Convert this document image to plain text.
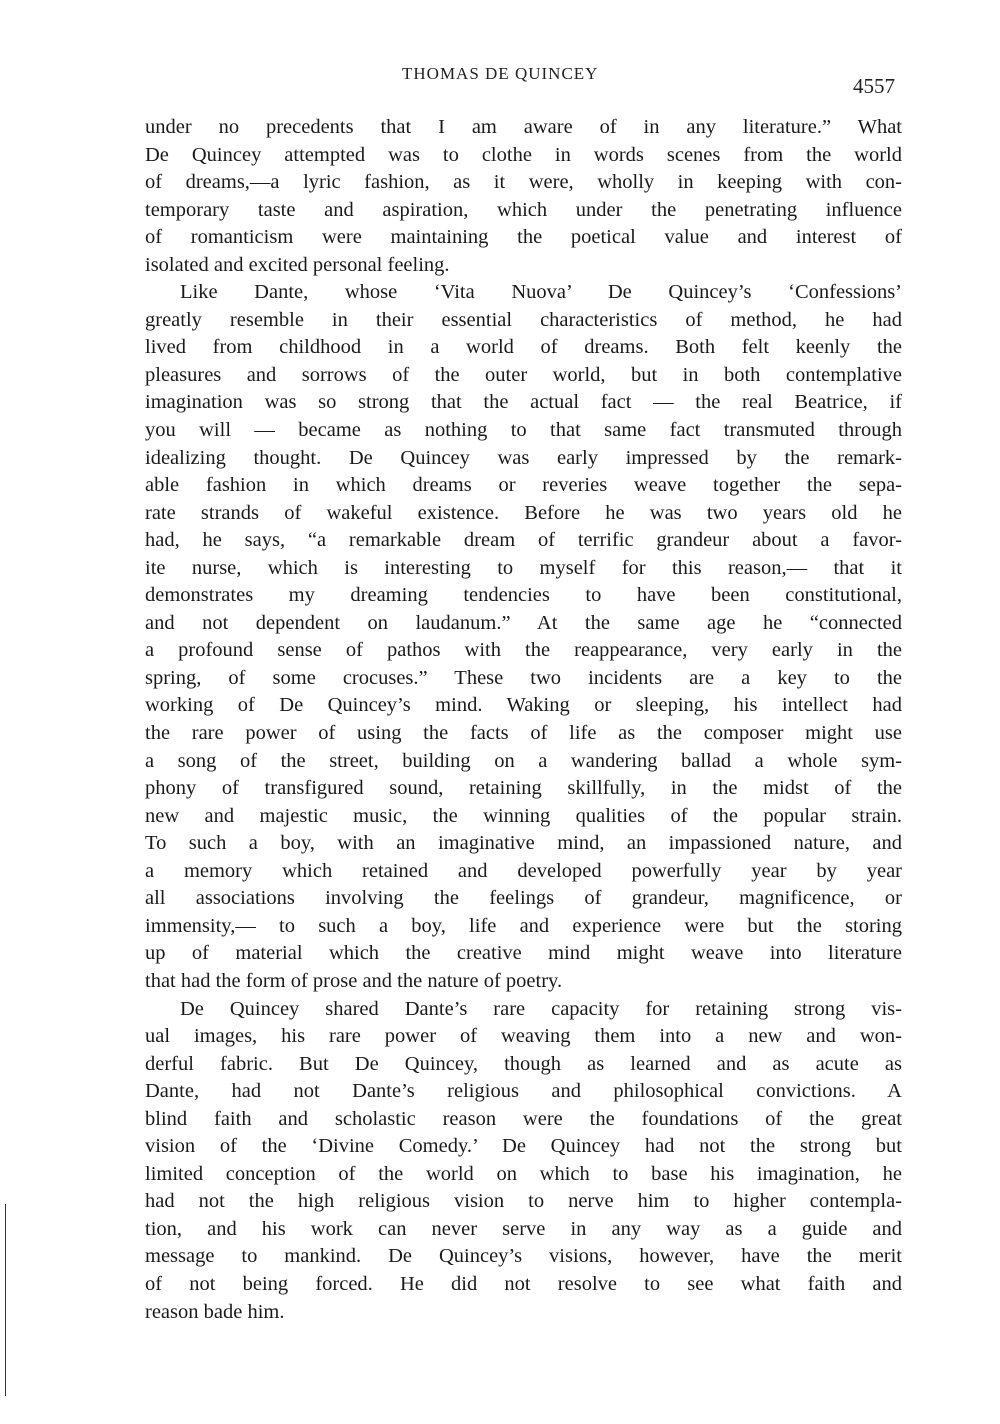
THOMAS DE QUINCEY
4557
under no precedents that I am aware of in any literature.” What
De Quincey attempted was to clothe in words scenes from the world
of dreams,—a lyric fashion, as it were, wholly in keeping with con-
temporary taste and aspiration, which under the penetrating influence
of romanticism were maintaining the poetical value and interest of
isolated and excited personal feeling.
Like Dante, whose ‘Vita Nuova’ De Quincey’s ‘Confessions’
greatly resemble in their essential characteristics of method, he had
lived from childhood in a world of dreams. Both felt keenly the
pleasures and sorrows of the outer world, but in both contemplative
imagination was so strong that the actual fact — the real Beatrice, if
you will — became as nothing to that same fact transmuted through
idealizing thought. De Quincey was early impressed by the remark-
able fashion in which dreams or reveries weave together the sepa-
rate strands of wakeful existence. Before he was two years old he
had, he says, “a remarkable dream of terrific grandeur about a favor-
ite nurse, which is interesting to myself for this reason,— that it
demonstrates my dreaming tendencies to have been constitutional,
and not dependent on laudanum.” At the same age he “connected
a profound sense of pathos with the reappearance, very early in the
spring, of some crocuses.” These two incidents are a key to the
working of De Quincey’s mind. Waking or sleeping, his intellect had
the rare power of using the facts of life as the composer might use
a song of the street, building on a wandering ballad a whole sym-
phony of transfigured sound, retaining skillfully, in the midst of the
new and majestic music, the winning qualities of the popular strain.
To such a boy, with an imaginative mind, an impassioned nature, and
a memory which retained and developed powerfully year by year
all associations involving the feelings of grandeur, magnificence, or
immensity,— to such a boy, life and experience were but the storing
up of material which the creative mind might weave into literature
that had the form of prose and the nature of poetry.
De Quincey shared Dante’s rare capacity for retaining strong vis-
ual images, his rare power of weaving them into a new and won-
derful fabric. But De Quincey, though as learned and as acute as
Dante, had not Dante’s religious and philosophical convictions. A
blind faith and scholastic reason were the foundations of the great
vision of the ‘Divine Comedy.’ De Quincey had not the strong but
limited conception of the world on which to base his imagination, he
had not the high religious vision to nerve him to higher contempla-
tion, and his work can never serve in any way as a guide and
message to mankind. De Quincey’s visions, however, have the merit
of not being forced. He did not resolve to see what faith and
reason bade him.
